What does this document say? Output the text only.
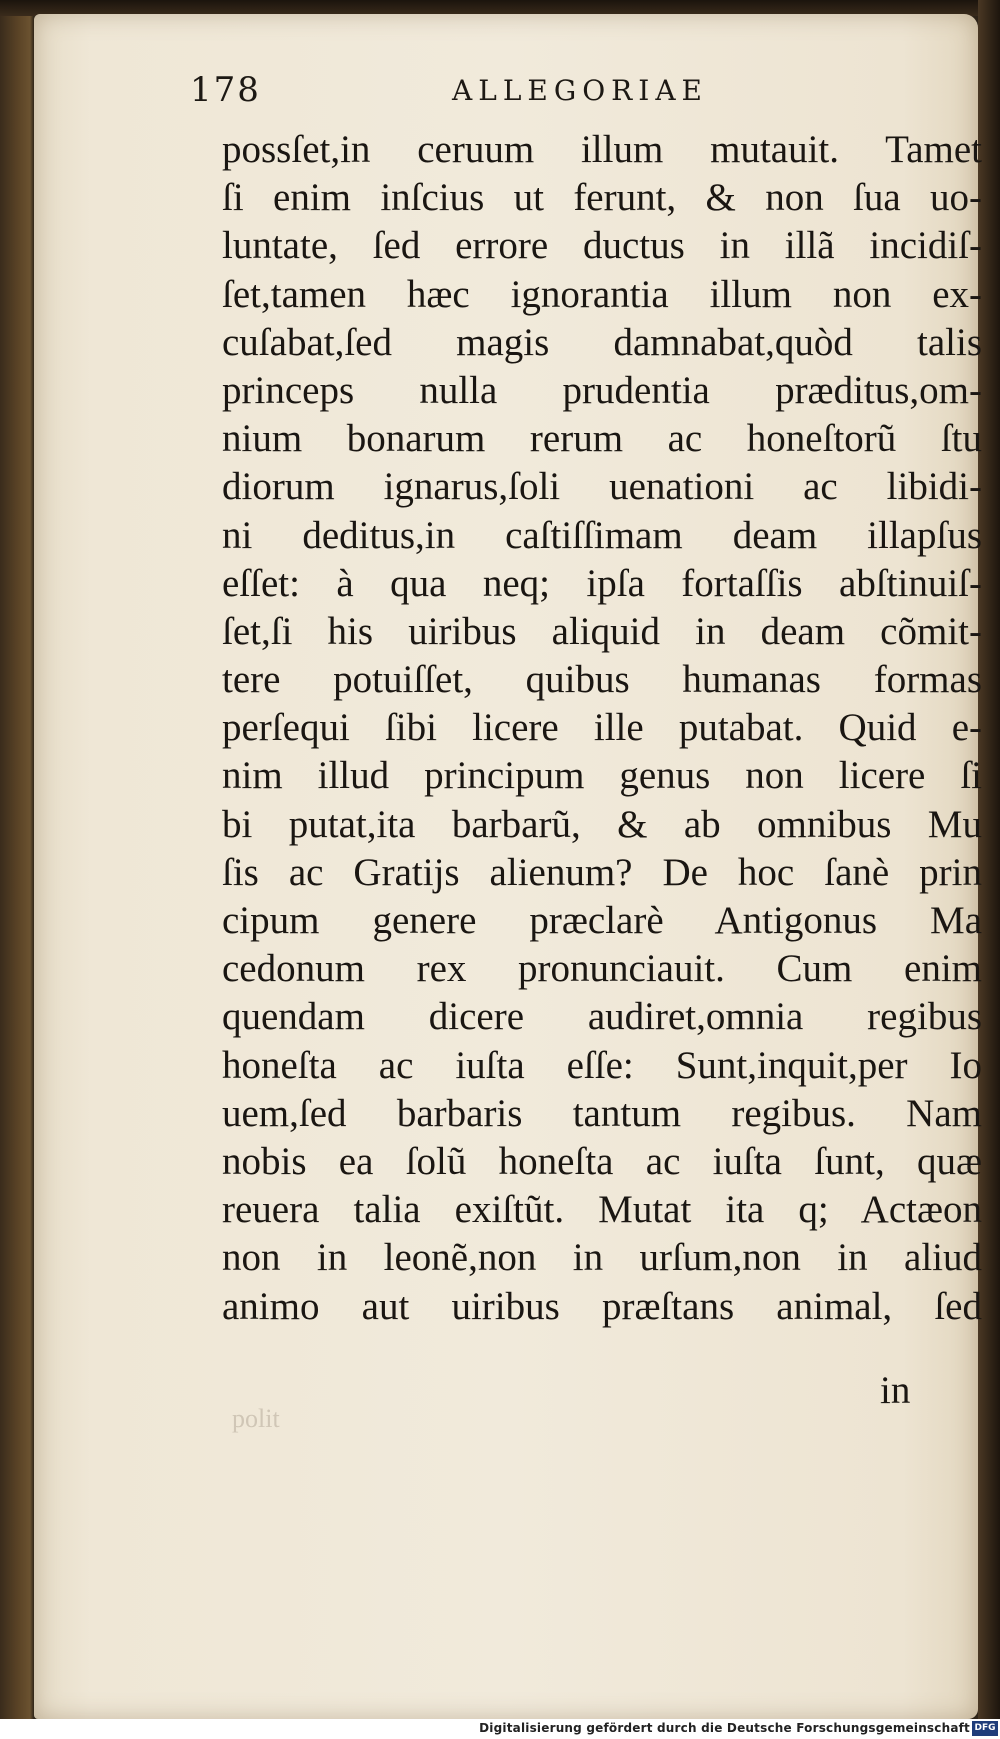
178	ALLEGORIAE
possſet,in ceruum illum mutauit. Tamet
ſi enim inſcius ut ferunt, & non ſua uo-
luntate, ſed errore ductus in illã incidiſ-
ſet,tamen hæc ignorantia illum non ex-
cuſabat,ſed magis damnabat,quòd talis
princeps nulla prudentia præditus,om-
nium bonarum rerum ac honeſtorũ ſtu
diorum ignarus,ſoli uenationi ac libidi-
ni deditus,in caſtiſſimam deam illapſus
eſſet: à qua neq; ipſa fortaſſis abſtinuiſ-
ſet,ſi his uiribus aliquid in deam cõmit-
tere potuiſſet, quibus humanas formas
perſequi ſibi licere ille putabat. Quid e-
nim illud principum genus non licere ſi
bi putat,ita barbarũ, & ab omnibus Mu
ſis ac Gratijs alienum? De hoc ſanè prin
cipum genere præclarè Antigonus Ma
cedonum rex pronunciauit. Cum enim
quendam dicere audiret,omnia regibus
honeſta ac iuſta eſſe: Sunt,inquit,per Io
uem,ſed barbaris tantum regibus. Nam
nobis ea ſolũ honeſta ac iuſta ſunt, quæ
reuera talia exiſtũt. Mutat ita q; Actæon
non in leonẽ,non in urſum,non in aliud
animo aut uiribus præſtans animal, ſed
in
polit
Digitalisierung gefördert durch die Deutsche Forschungsgemeinschaft DFG
